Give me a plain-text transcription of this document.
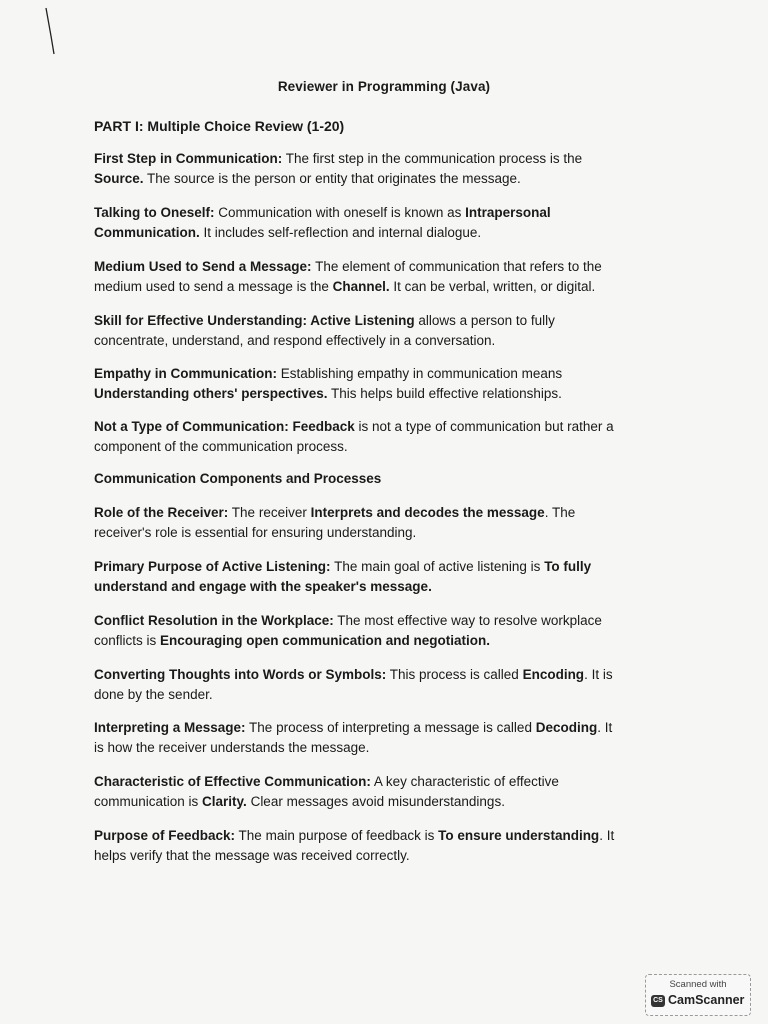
Reviewer in Programming (Java)
PART I: Multiple Choice Review (1-20)
First Step in Communication: The first step in the communication process is the
Source. The source is the person or entity that originates the message.
Talking to Oneself: Communication with oneself is known as Intrapersonal
Communication. It includes self-reflection and internal dialogue.
Medium Used to Send a Message: The element of communication that refers to the
medium used to send a message is the Channel. It can be verbal, written, or digital.
Skill for Effective Understanding: Active Listening allows a person to fully
concentrate, understand, and respond effectively in a conversation.
Empathy in Communication: Establishing empathy in communication means
Understanding others' perspectives. This helps build effective relationships.
Not a Type of Communication: Feedback is not a type of communication but rather a
component of the communication process.
Communication Components and Processes
Role of the Receiver: The receiver Interprets and decodes the message. The
receiver's role is essential for ensuring understanding.
Primary Purpose of Active Listening: The main goal of active listening is To fully
understand and engage with the speaker's message.
Conflict Resolution in the Workplace: The most effective way to resolve workplace
conflicts is Encouraging open communication and negotiation.
Converting Thoughts into Words or Symbols: This process is called Encoding. It is
done by the sender.
Interpreting a Message: The process of interpreting a message is called Decoding. It
is how the receiver understands the message.
Characteristic of Effective Communication: A key characteristic of effective
communication is Clarity. Clear messages avoid misunderstandings.
Purpose of Feedback: The main purpose of feedback is To ensure understanding. It
helps verify that the message was received correctly.
Scanned with
CS CamScanner
